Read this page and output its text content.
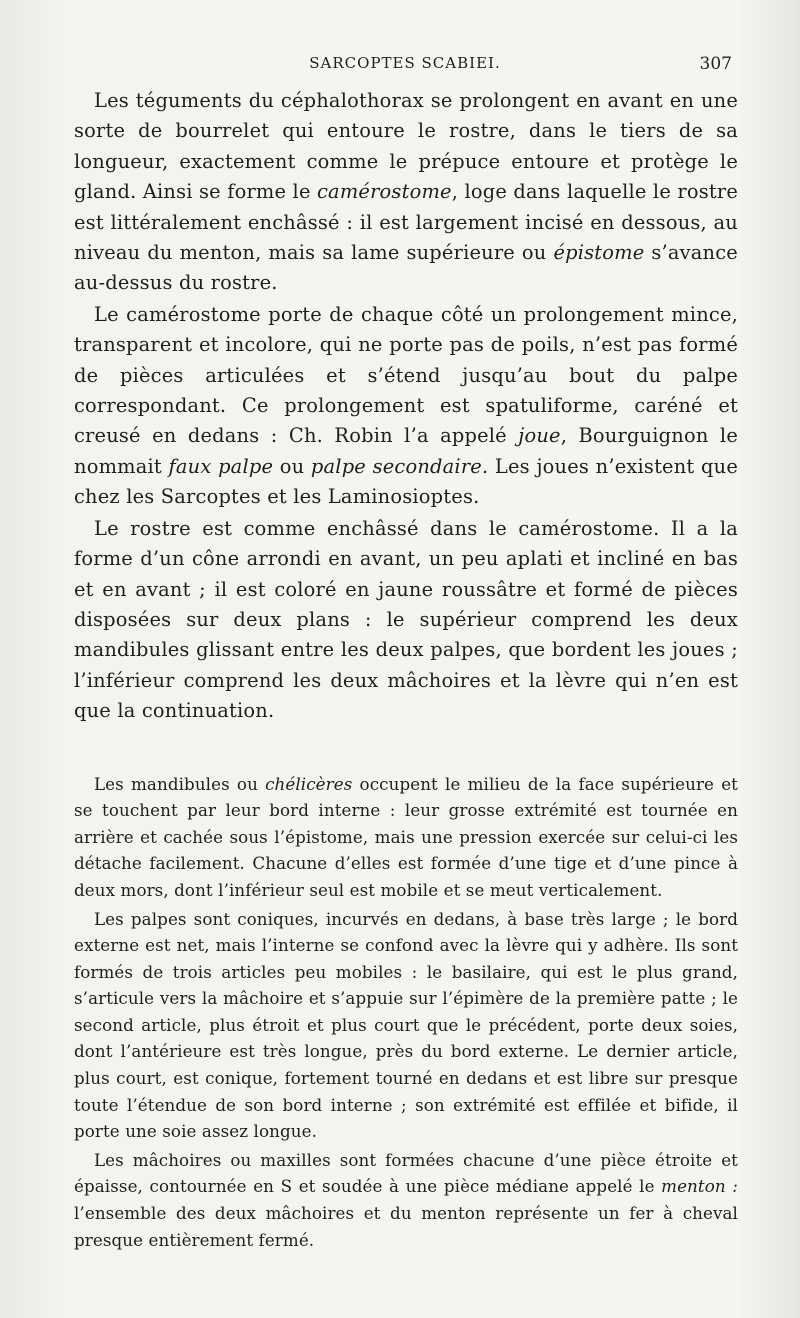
SARCOPTES SCABIEI.	307

Les téguments du céphalothorax se prolongent en avant en une sorte de bourrelet qui entoure le rostre, dans le tiers de sa longueur, exactement comme le prépuce entoure et protège le gland. Ainsi se forme le camérostome, loge dans laquelle le rostre est littéralement enchâssé : il est largement incisé en dessous, au niveau du menton, mais sa lame supérieure ou épistome s’avance au-dessus du rostre.

Le camérostome porte de chaque côté un prolongement mince, transparent et incolore, qui ne porte pas de poils, n’est pas formé de pièces articulées et s’étend jusqu’au bout du palpe correspondant. Ce prolongement est spatuliforme, caréné et creusé en dedans : Ch. Robin l’a appelé joue, Bourguignon le nommait faux palpe ou palpe secondaire. Les joues n’existent que chez les Sarcoptes et les Laminosioptes.

Le rostre est comme enchâssé dans le camérostome. Il a la forme d’un cône arrondi en avant, un peu aplati et incliné en bas et en avant ; il est coloré en jaune roussâtre et formé de pièces disposées sur deux plans : le supérieur comprend les deux mandibules glissant entre les deux palpes, que bordent les joues ; l’inférieur comprend les deux mâchoires et la lèvre qui n’en est que la continuation.

Les mandibules ou chélicères occupent le milieu de la face supérieure et se touchent par leur bord interne : leur grosse extrémité est tournée en arrière et cachée sous l’épistome, mais une pression exercée sur celui-ci les détache facilement. Chacune d’elles est formée d’une tige et d’une pince à deux mors, dont l’inférieur seul est mobile et se meut verticalement.

Les palpes sont coniques, incurvés en dedans, à base très large ; le bord externe est net, mais l’interne se confond avec la lèvre qui y adhère. Ils sont formés de trois articles peu mobiles : le basilaire, qui est le plus grand, s’articule vers la mâchoire et s’appuie sur l’épimère de la première patte ; le second article, plus étroit et plus court que le précédent, porte deux soies, dont l’antérieure est très longue, près du bord externe. Le dernier article, plus court, est conique, fortement tourné en dedans et est libre sur presque toute l’étendue de son bord interne ; son extrémité est effilée et bifide, il porte une soie assez longue.

Les mâchoires ou maxilles sont formées chacune d’une pièce étroite et épaisse, contournée en S et soudée à une pièce médiane appelé le menton : l’ensemble des deux mâchoires et du menton représente un fer à cheval presque entièrement fermé.
